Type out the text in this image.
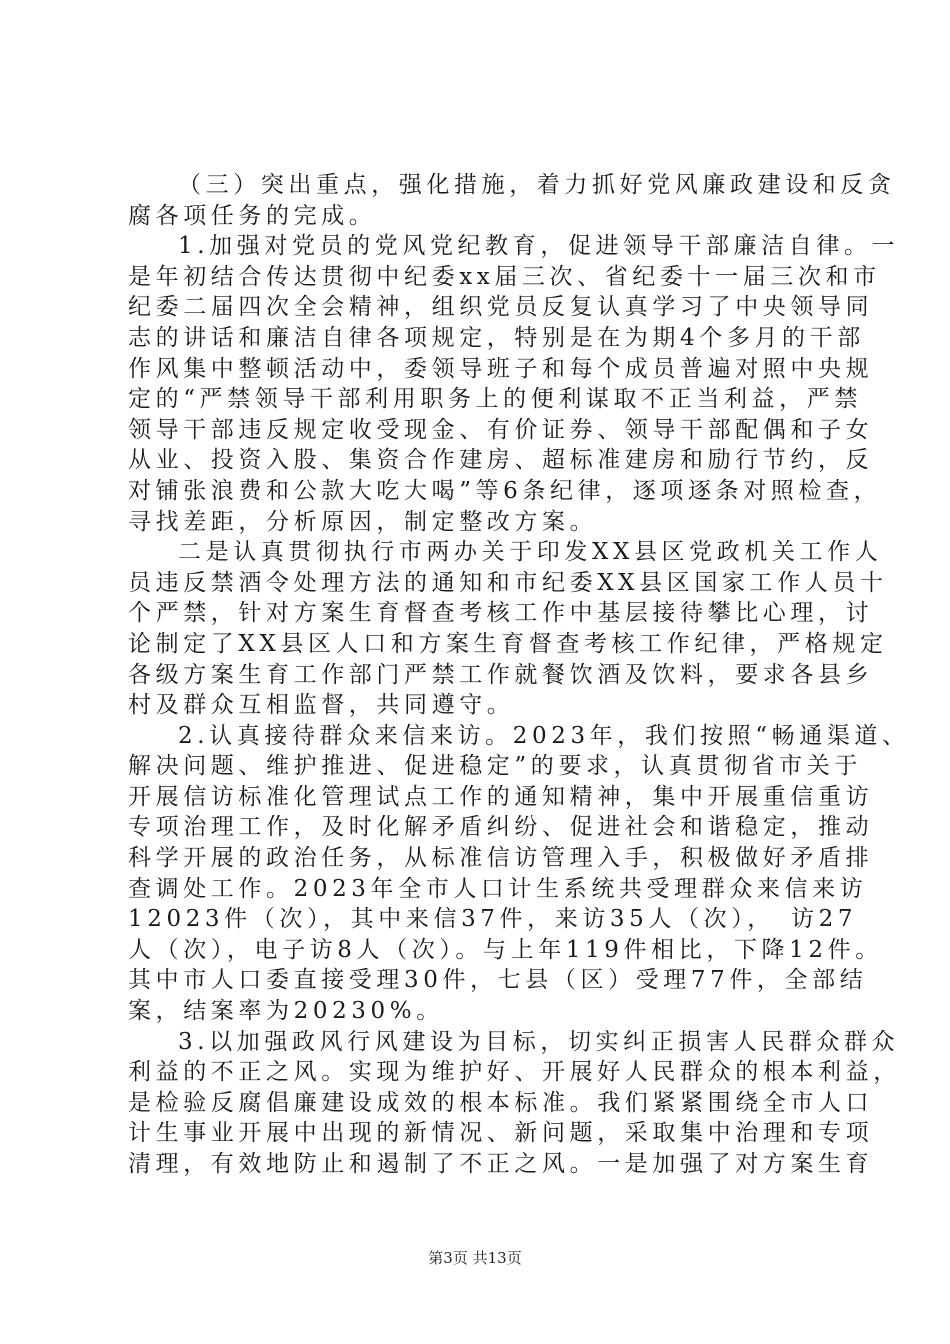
（三）突出重点，强化措施，着力抓好党风廉政建设和反贪
腐各项任务的完成。
1.加强对党员的党风党纪教育，促进领导干部廉洁自律。一
是年初结合传达贯彻中纪委xx届三次、省纪委十一届三次和市
纪委二届四次全会精神，组织党员反复认真学习了中央领导同
志的讲话和廉洁自律各项规定，特别是在为期4个多月的干部
作风集中整顿活动中，委领导班子和每个成员普遍对照中央规
定的“严禁领导干部利用职务上的便利谋取不正当利益，严禁
领导干部违反规定收受现金、有价证券、领导干部配偶和子女
从业、投资入股、集资合作建房、超标准建房和励行节约，反
对铺张浪费和公款大吃大喝”等6条纪律，逐项逐条对照检查，
寻找差距，分析原因，制定整改方案。
二是认真贯彻执行市两办关于印发XX县区党政机关工作人
员违反禁酒令处理方法的通知和市纪委XX县区国家工作人员十
个严禁，针对方案生育督查考核工作中基层接待攀比心理，讨
论制定了XX县区人口和方案生育督查考核工作纪律，严格规定
各级方案生育工作部门严禁工作就餐饮酒及饮料，要求各县乡
村及群众互相监督，共同遵守。
2.认真接待群众来信来访。2023年，我们按照“畅通渠道、
解决问题、维护推进、促进稳定”的要求，认真贯彻省市关于
开展信访标准化管理试点工作的通知精神，集中开展重信重访
专项治理工作，及时化解矛盾纠纷、促进社会和谐稳定，推动
科学开展的政治任务，从标准信访管理入手，积极做好矛盾排
查调处工作。2023年全市人口计生系统共受理群众来信来访
12023件（次），其中来信37件，来访35人（次），　访27
人（次），电子访8人（次）。与上年119件相比，下降12件。
其中市人口委直接受理30件，七县（区）受理77件，全部结
案，结案率为20230%。
3.以加强政风行风建设为目标，切实纠正损害人民群众群众
利益的不正之风。实现为维护好、开展好人民群众的根本利益，
是检验反腐倡廉建设成效的根本标准。我们紧紧围绕全市人口
计生事业开展中出现的新情况、新问题，采取集中治理和专项
清理，有效地防止和遏制了不正之风。一是加强了对方案生育
第3页 共13页
